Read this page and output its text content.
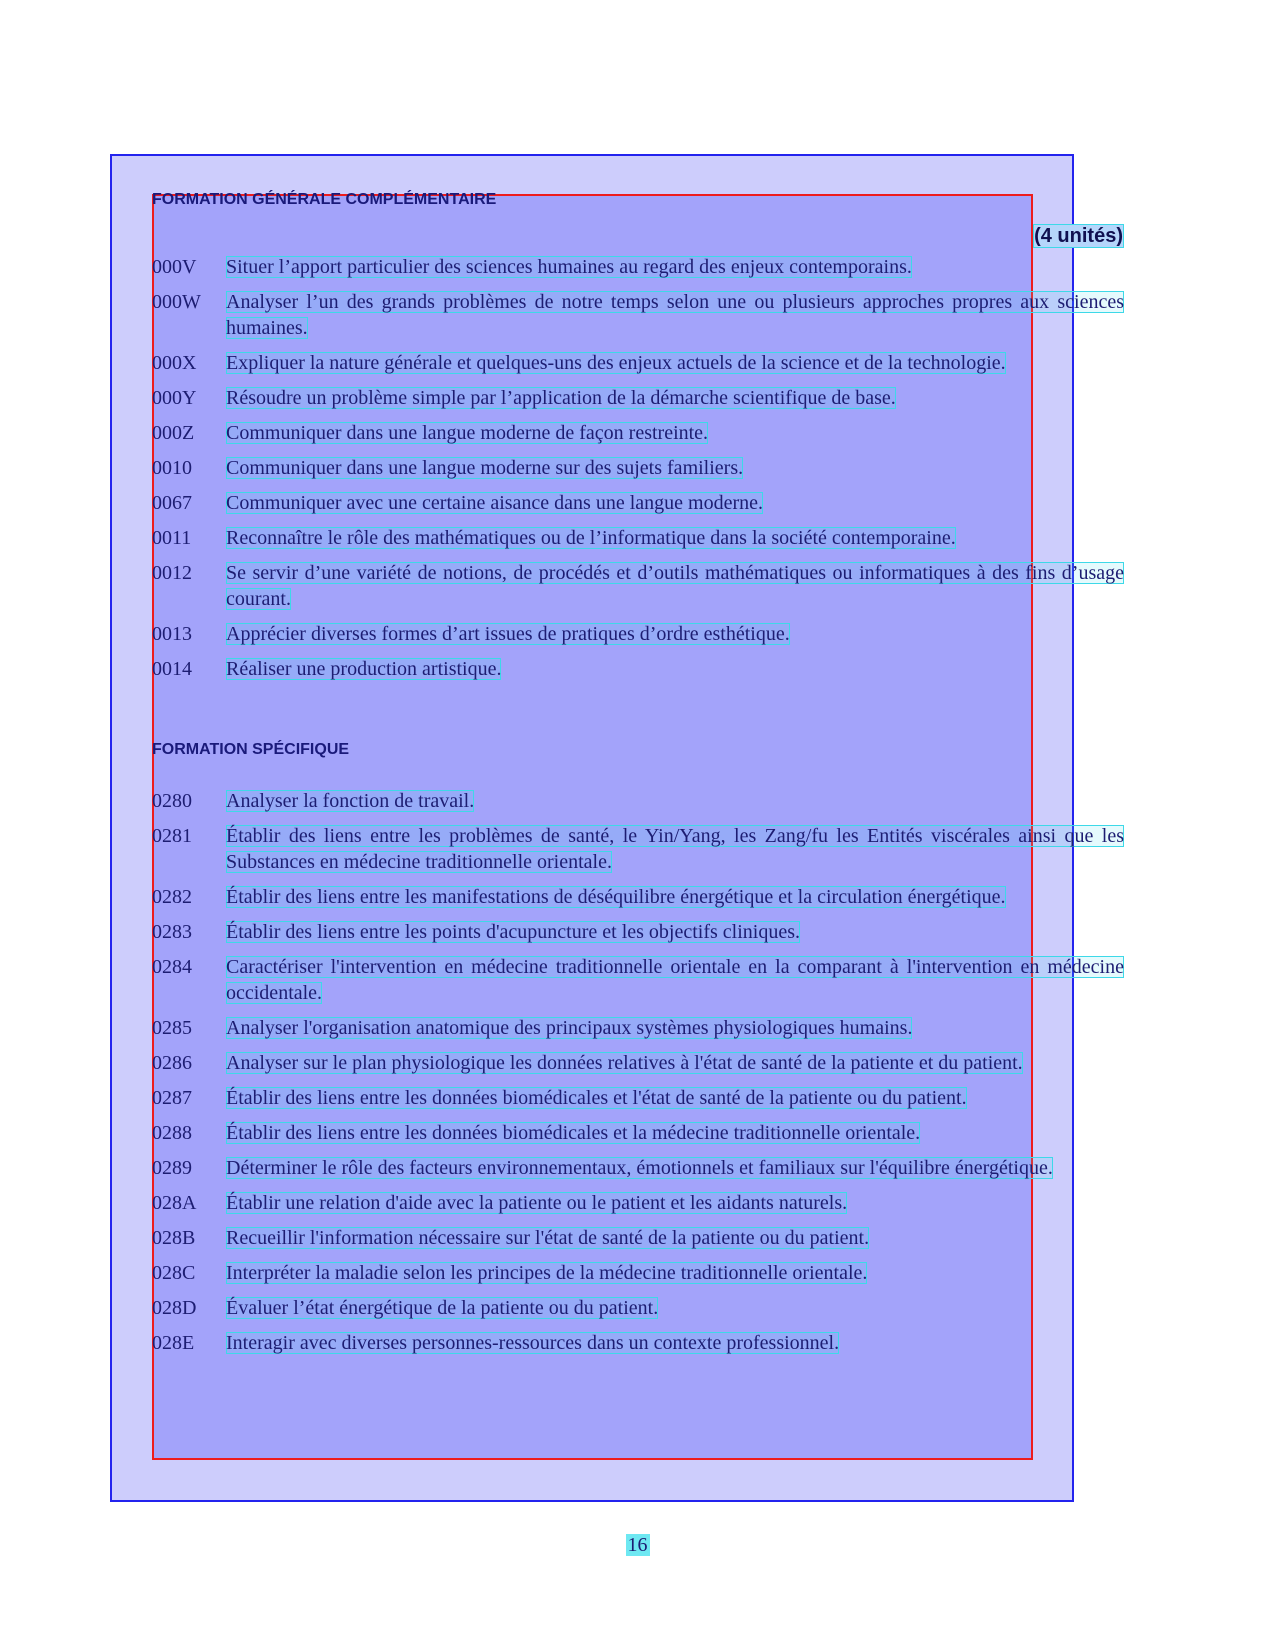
FORMATION GÉNÉRALE COMPLÉMENTAIRE
(4 unités)
000V	Situer l’apport particulier des sciences humaines au regard des enjeux contemporains.
000W	Analyser l’un des grands problèmes de notre temps selon une ou plusieurs approches propres aux sciences humaines.
000X	Expliquer la nature générale et quelques-uns des enjeux actuels de la science et de la technologie.
000Y	Résoudre un problème simple par l’application de la démarche scientifique de base.
000Z	Communiquer dans une langue moderne de façon restreinte.
0010	Communiquer dans une langue moderne sur des sujets familiers.
0067	Communiquer avec une certaine aisance dans une langue moderne.
0011	Reconnaître le rôle des mathématiques ou de l’informatique dans la société contemporaine.
0012	Se servir d’une variété de notions, de procédés et d’outils mathématiques ou informatiques à des fins d’usage courant.
0013	Apprécier diverses formes d’art issues de pratiques d’ordre esthétique.
0014	Réaliser une production artistique.
FORMATION SPÉCIFIQUE
0280	Analyser la fonction de travail.
0281	Établir des liens entre les problèmes de santé, le Yin/Yang, les Zang/fu les Entités viscérales ainsi que les Substances en médecine traditionnelle orientale.
0282	Établir des liens entre les manifestations de déséquilibre énergétique et la circulation énergétique.
0283	Établir des liens entre les points d'acupuncture et les objectifs cliniques.
0284	Caractériser l'intervention en médecine traditionnelle orientale en la comparant à l'intervention en médecine occidentale.
0285	Analyser l'organisation anatomique des principaux systèmes physiologiques humains.
0286	Analyser sur le plan physiologique les données relatives à l'état de santé de la patiente et du patient.
0287	Établir des liens entre les données biomédicales et l'état de santé de la patiente ou du patient.
0288	Établir des liens entre les données biomédicales et la médecine traditionnelle orientale.
0289	Déterminer le rôle des facteurs environnementaux, émotionnels et familiaux sur l'équilibre énergétique.
028A	Établir une relation d'aide avec la patiente ou le patient et les aidants naturels.
028B	Recueillir l'information nécessaire sur l'état de santé de la patiente ou du patient.
028C	Interpréter la maladie selon les principes de la médecine traditionnelle orientale.
028D	Évaluer l’état énergétique de la patiente ou du patient.
028E	Interagir avec diverses personnes-ressources dans un contexte professionnel.
16
